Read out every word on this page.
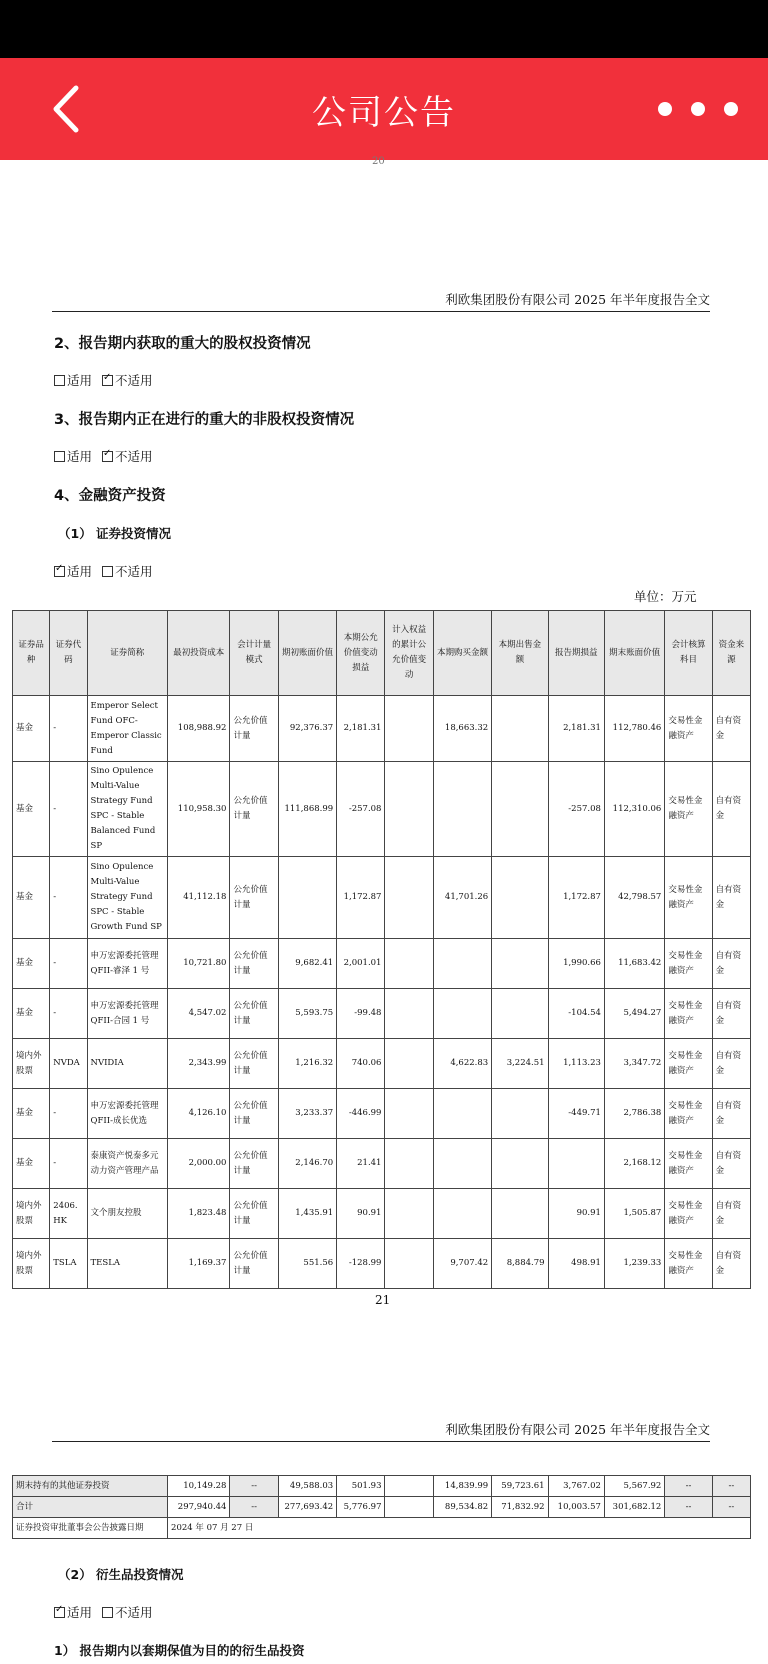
公司公告
20
利欧集团股份有限公司 2025 年半年度报告全文
2、报告期内获取的重大的股权投资情况
适用 ✓ 不适用
3、报告期内正在进行的重大的非股权投资情况
适用 ✓ 不适用
4、金融资产投资
（1） 证券投资情况
✓适用 不适用
单位：万元
证券品种	证券代码	证券简称	最初投资成本	会计计量模式	期初账面价值	本期公允价值变动损益	计入权益的累计公允价值变动	本期购买金额	本期出售金额	报告期损益	期末账面价值	会计核算科目	资金来源
基金	-	Emperor Select Fund OFC- Emperor Classic Fund	108,988.92	公允价值计量	92,376.37	2,181.31		18,663.32		2,181.31	112,780.46	交易性金融资产	自有资金
基金	-	Sino Opulence Multi-Value Strategy Fund SPC - Stable Balanced Fund SP	110,958.30	公允价值计量	111,868.99	-257.08				-257.08	112,310.06	交易性金融资产	自有资金
基金	-	Sino Opulence Multi-Value Strategy Fund SPC - Stable Growth Fund SP	41,112.18	公允价值计量		1,172.87		41,701.26		1,172.87	42,798.57	交易性金融资产	自有资金
基金	-	申万宏源委托管理 QFII-睿泽 1 号	10,721.80	公允价值计量	9,682.41	2,001.01				1,990.66	11,683.42	交易性金融资产	自有资金
基金	-	申万宏源委托管理 QFII-合园 1 号	4,547.02	公允价值计量	5,593.75	-99.48				-104.54	5,494.27	交易性金融资产	自有资金
境内外股票	NVDA	NVIDIA	2,343.99	公允价值计量	1,216.32	740.06		4,622.83	3,224.51	1,113.23	3,347.72	交易性金融资产	自有资金
基金	-	申万宏源委托管理 QFII-成长优选	4,126.10	公允价值计量	3,233.37	-446.99				-449.71	2,786.38	交易性金融资产	自有资金
基金	-	泰康资产悦泰多元动力资产管理产品	2,000.00	公允价值计量	2,146.70	21.41					2,168.12	交易性金融资产	自有资金
境内外股票	2406.HK	文个朋友控股	1,823.48	公允价值计量	1,435.91	90.91				90.91	1,505.87	交易性金融资产	自有资金
境内外股票	TSLA	TESLA	1,169.37	公允价值计量	551.56	-128.99		9,707.42	8,884.79	498.91	1,239.33	交易性金融资产	自有资金
21
利欧集团股份有限公司 2025 年半年度报告全文
期末持有的其他证券投资	10,149.28	--	49,588.03	501.93		14,839.99	59,723.61	3,767.02	5,567.92	--	--
合计	297,940.44	--	277,693.42	5,776.97		89,534.82	71,832.92	10,003.57	301,682.12	--	--
证券投资审批董事会公告披露日期	2024 年 07 月 27 日										
（2） 衍生品投资情况
✓适用 不适用
1） 报告期内以套期保值为目的的衍生品投资
